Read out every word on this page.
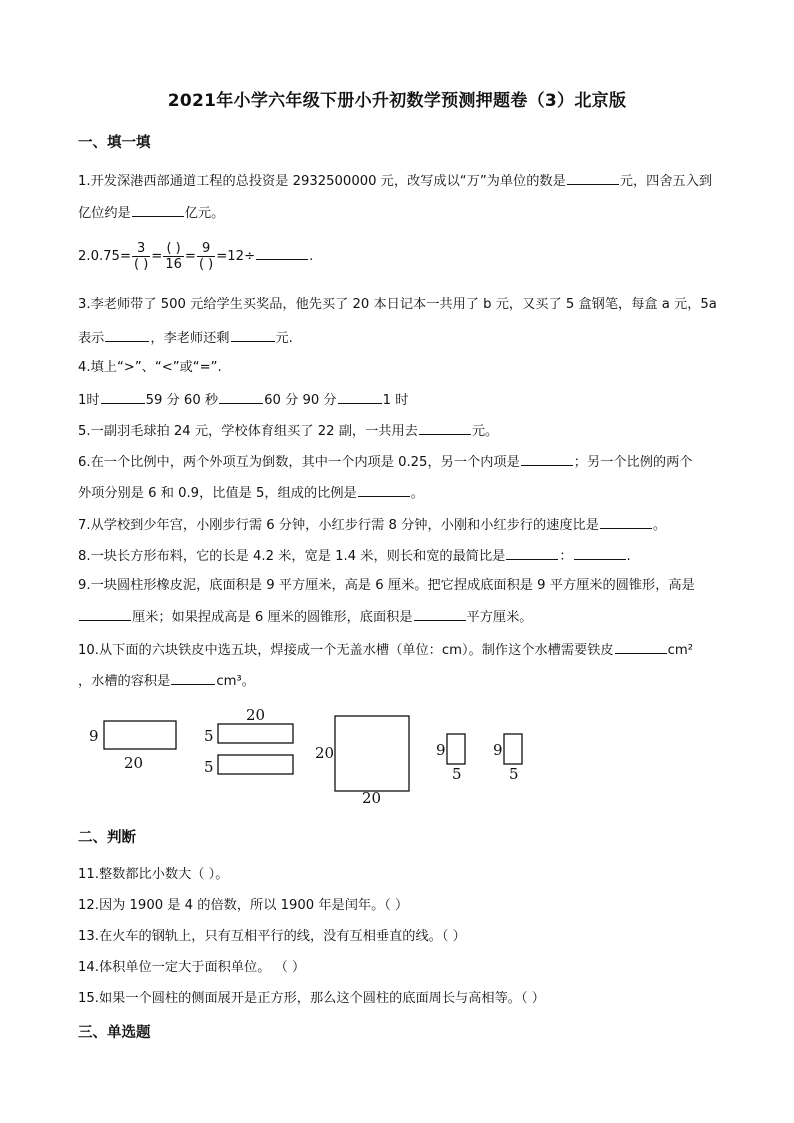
2021年小学六年级下册小升初数学预测押题卷（3）北京版
一、填一填
1.开发深港西部通道工程的总投资是 2932500000 元，改写成以“万”为单位的数是	元，四舍五入到
亿位约是	亿元。
$2.0.75= \frac{3}{( )} = \frac{( )}{16} = \frac{9}{( )} =12\div$	.
3.李老师带了 500 元给学生买奖品，他先买了 20 本日记本一共用了 b 元，又买了 5 盒钢笔，每盒 a 元，5a
表示	，李老师还剩	元.
4.填上“>”、“<”或“=”.
1时	59 分 60 秒	60 分 90 分	1 时
5.一副羽毛球拍 24 元，学校体育组买了 22 副，一共用去	元。
6.在一个比例中，两个外项互为倒数，其中一个内项是 0.25，另一个内项是	；另一个比例的两个
外项分别是 6 和 0.9，比值是 5，组成的比例是	。
7.从学校到少年宫，小刚步行需 6 分钟，小红步行需 8 分钟，小刚和小红步行的速度比是	。
8.一块长方形布料，它的长是 4.2 米，宽是 1.4 米，则长和宽的最简比是	：	.
9.一块圆柱形橡皮泥，底面积是 9 平方厘米，高是 6 厘米。把它捏成底面积是 9 平方厘米的圆锥形，高是
厘米；如果捏成高是 6 厘米的圆锥形，底面积是	平方厘米。
10.从下面的六块铁皮中选五块，焊接成一个无盖水槽（单位：cm）。制作这个水槽需要铁皮	cm²
，水槽的容积是	cm³。
9
20
20
5
5
20
20
9
5
9
5
二、判断
11.整数都比小数大（ ）。
12.因为 1900 是 4 的倍数，所以 1900 年是闰年。（ ）
13.在火车的钢轨上，只有互相平行的线，没有互相垂直的线。（ ）
14.体积单位一定大于面积单位。 （ ）
15.如果一个圆柱的侧面展开是正方形，那么这个圆柱的底面周长与高相等。（ ）
三、单选题
